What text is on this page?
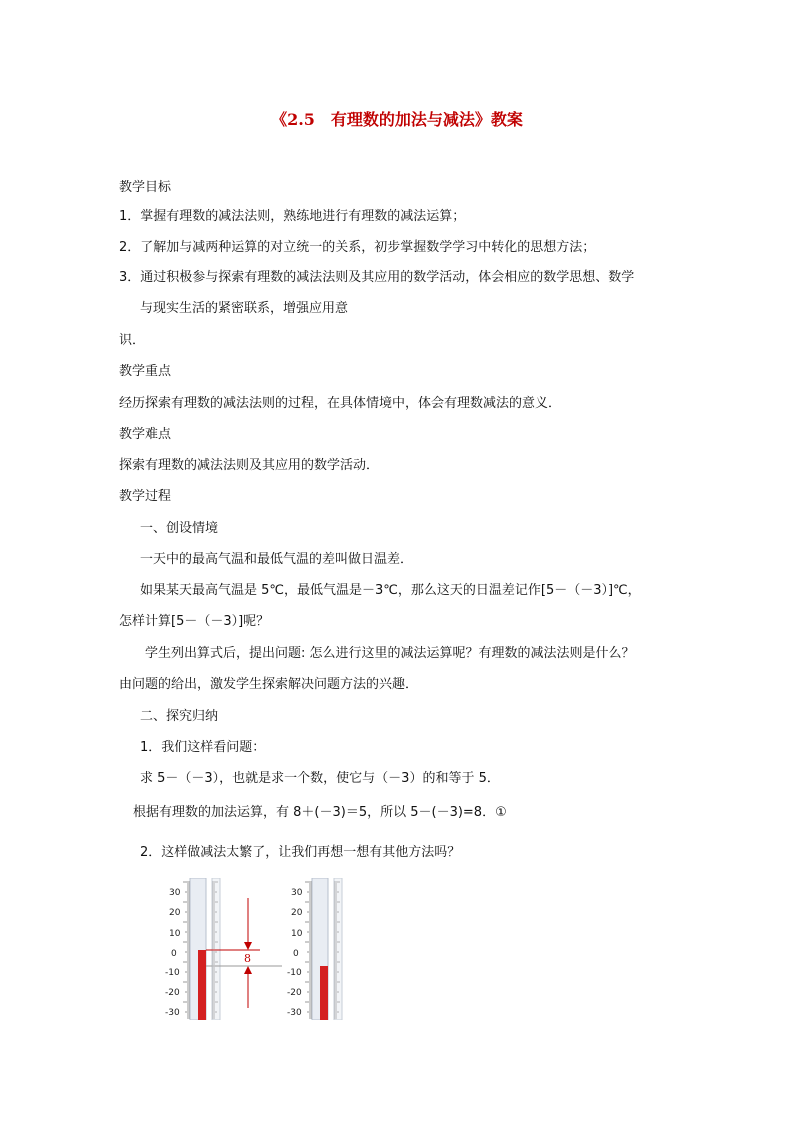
《2.5　有理数的加法与减法》教案
教学目标
1．掌握有理数的减法法则，熟练地进行有理数的减法运算；
2．了解加与减两种运算的对立统一的关系，初步掌握数学学习中转化的思想方法；
3．通过积极参与探索有理数的减法法则及其应用的数学活动，体会相应的数学思想、数学
与现实生活的紧密联系，增强应用意
识．
教学重点
经历探索有理数的减法法则的过程，在具体情境中，体会有理数减法的意义．
教学难点
探索有理数的减法法则及其应用的数学活动．
教学过程
一、创设情境
一天中的最高气温和最低气温的差叫做日温差．
如果某天最高气温是 5℃，最低气温是－3℃，那么这天的日温差记作[5－（－3）]℃，
怎样计算[5－（－3）]呢？
学生列出算式后，提出问题: 怎么进行这里的减法运算呢？有理数的减法法则是什么？
由问题的给出，激发学生探索解决问题方法的兴趣．
二、探究归纳
1．我们这样看问题：
求 5－（－3），也就是求一个数，使它与（－3）的和等于 5．
根据有理数的加法运算，有 8＋(－3)＝5，所以 5－(－3)=8．①
2．这样做减法太繁了，让我们再想一想有其他方法吗？
30
20
10
0
-10
-20
-30
8
30
20
10
0
-10
-20
-30
